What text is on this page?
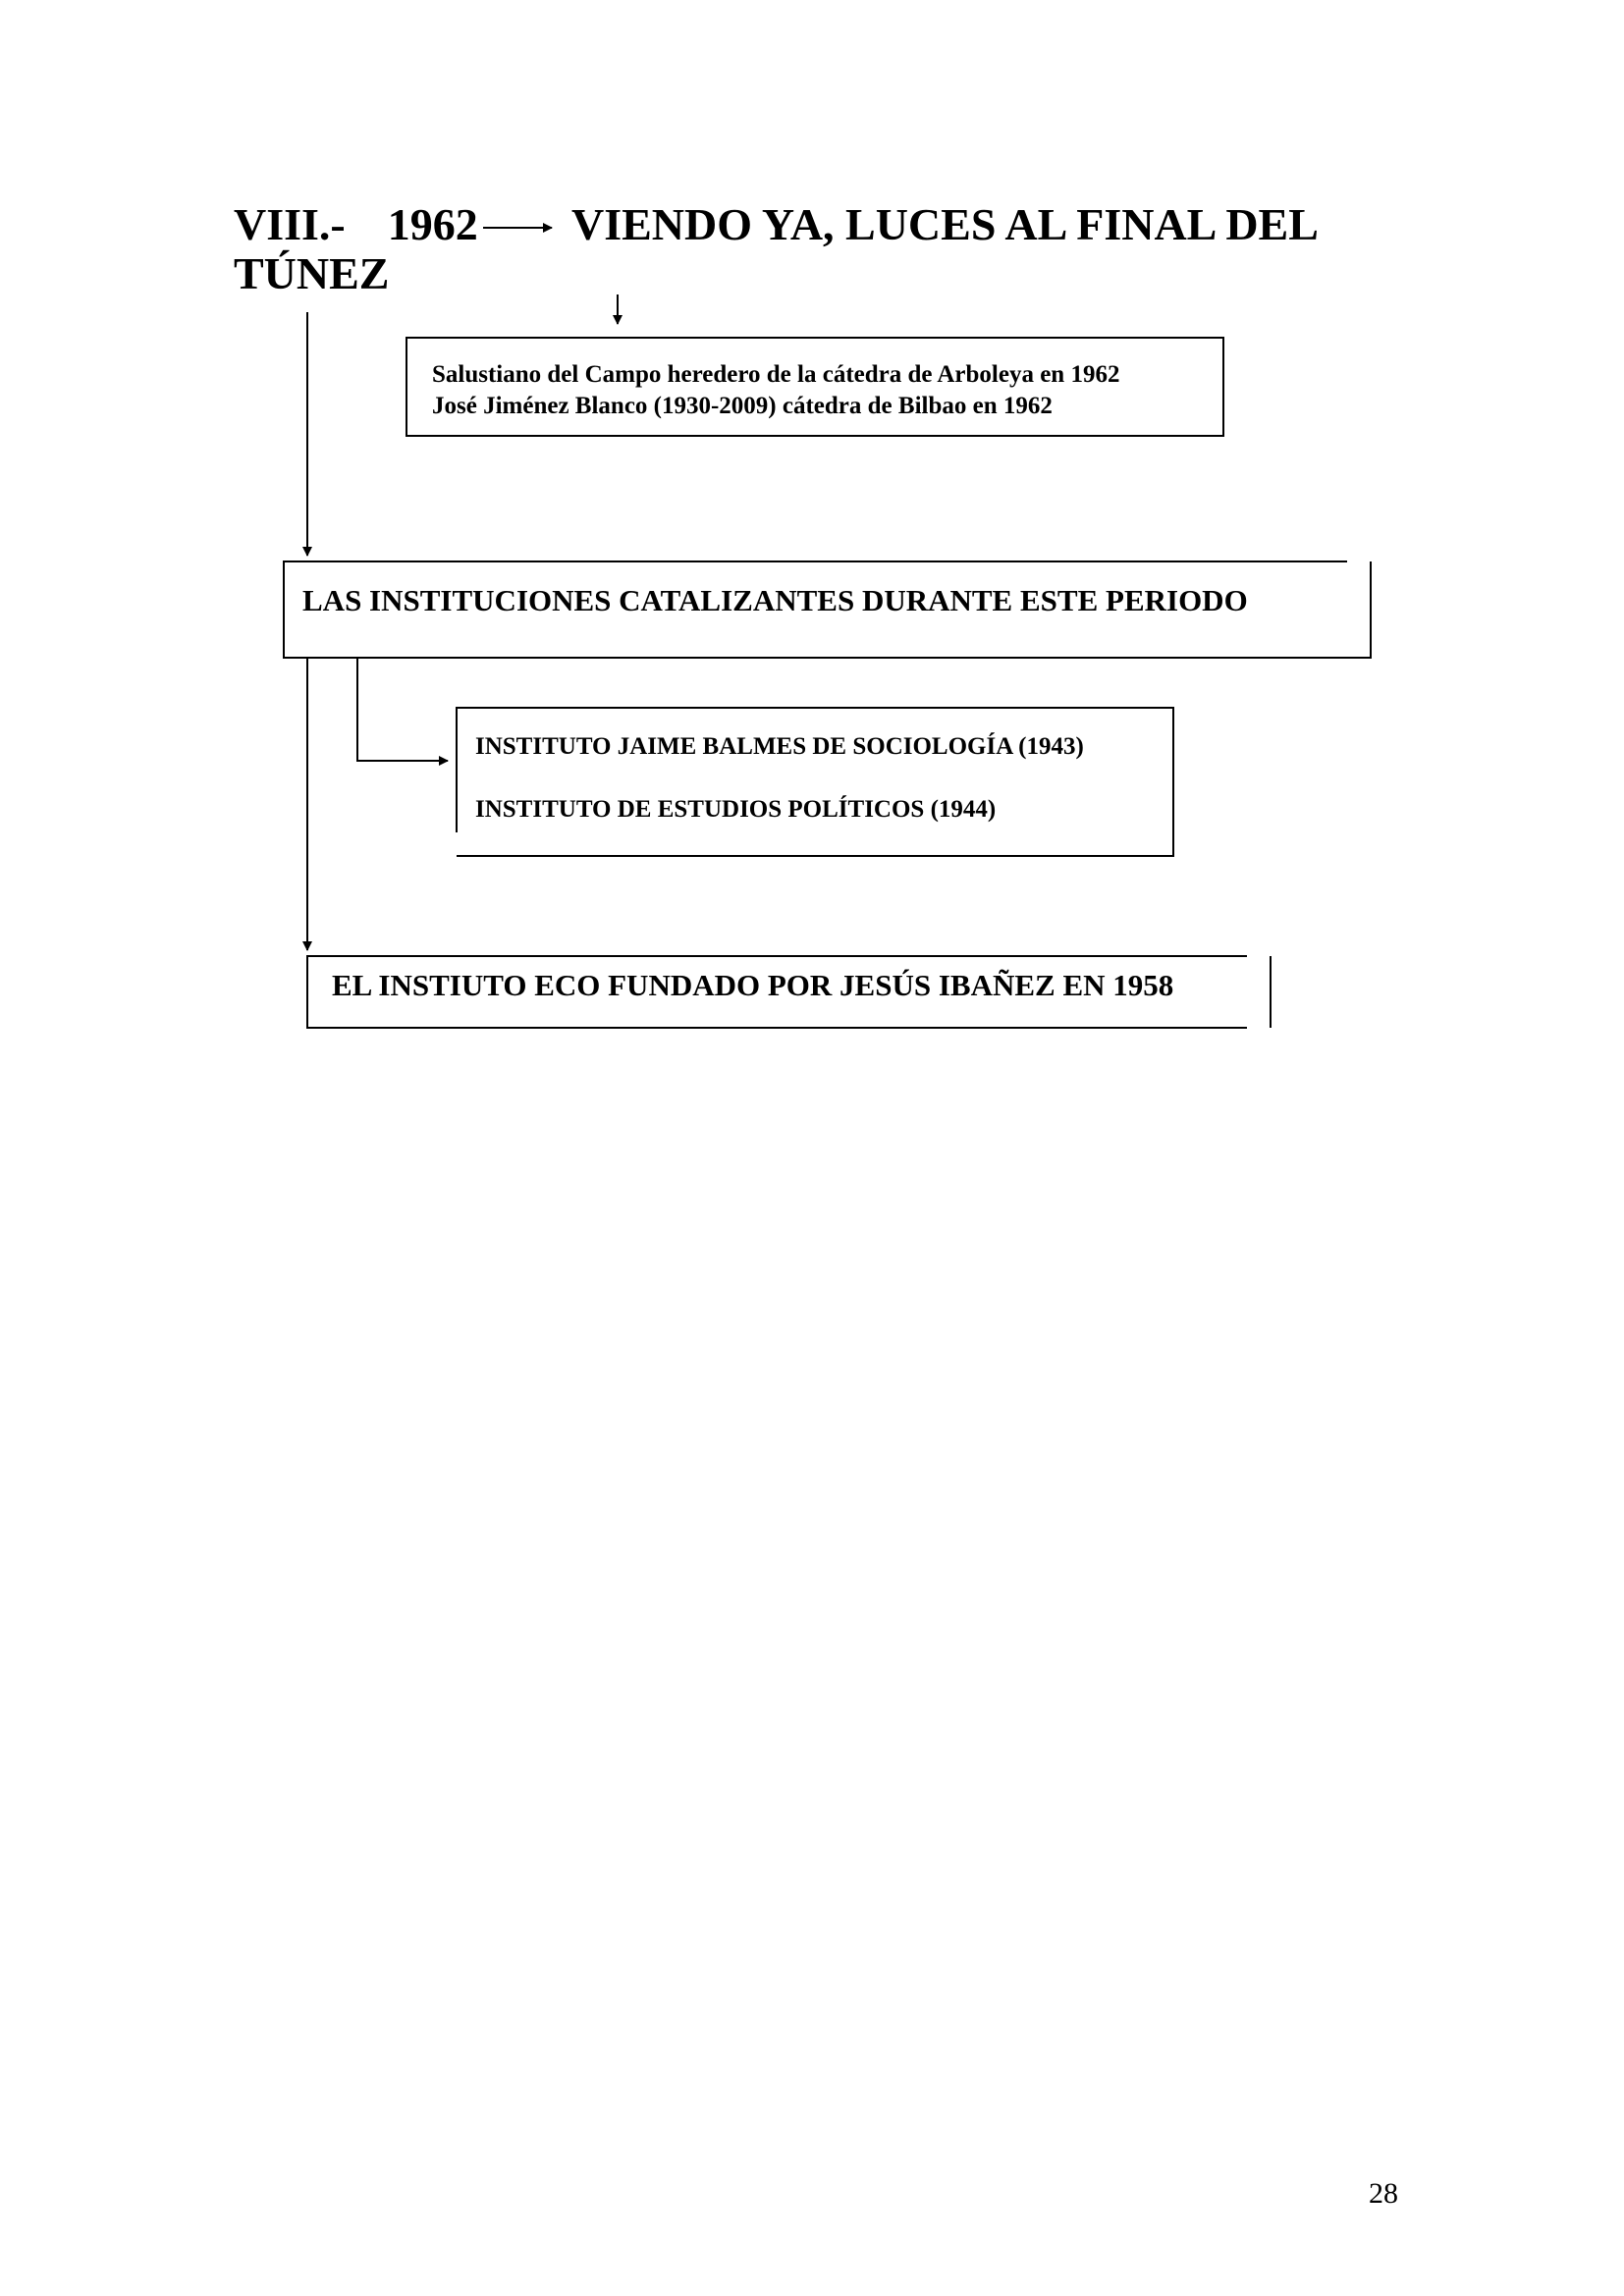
VIII.- 1962 VIENDO YA, LUCES AL FINAL DEL
TÚNEZ
Salustiano del Campo heredero de la cátedra de Arboleya en 1962
José Jiménez Blanco (1930-2009) cátedra de Bilbao en 1962
LAS INSTITUCIONES CATALIZANTES DURANTE ESTE PERIODO
INSTITUTO JAIME BALMES DE SOCIOLOGÍA (1943)
INSTITUTO DE ESTUDIOS POLÍTICOS (1944)
EL INSTIUTO ECO FUNDADO POR JESÚS IBAÑEZ EN 1958
28
